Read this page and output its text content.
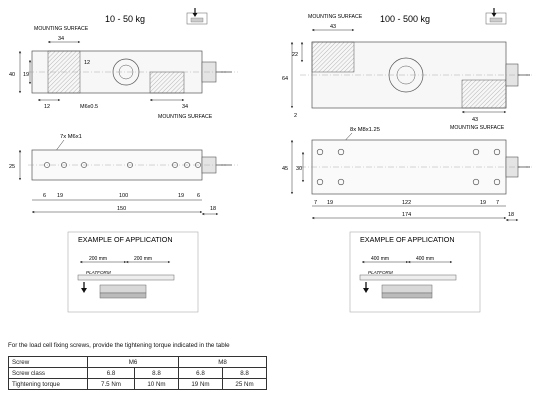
10 - 50 kg
MOUNTING SURFACE
34
40 19
12
12	M6x0.5	34
MOUNTING SURFACE
7x M6x1
25
6 19	100	19 6
150	18
MOUNTING SURFACE 100 - 500 kg
43
22
64
2
43
MOUNTING SURFACE
8x M8x1.25
45 30
7 19	122	19 7
174	18
EXAMPLE OF APPLICATION
200 mm	200 mm
PLATFORM
EXAMPLE OF APPLICATION
400 mm	400 mm
PLATFORM
For the load cell fixing screws, provide the tightening torque indicated in the table
Screw	M6		M8	
Screw class	6.8	8.8	6.8	8.8
Tightening torque	7.5 Nm	10 Nm	19 Nm	25 Nm
